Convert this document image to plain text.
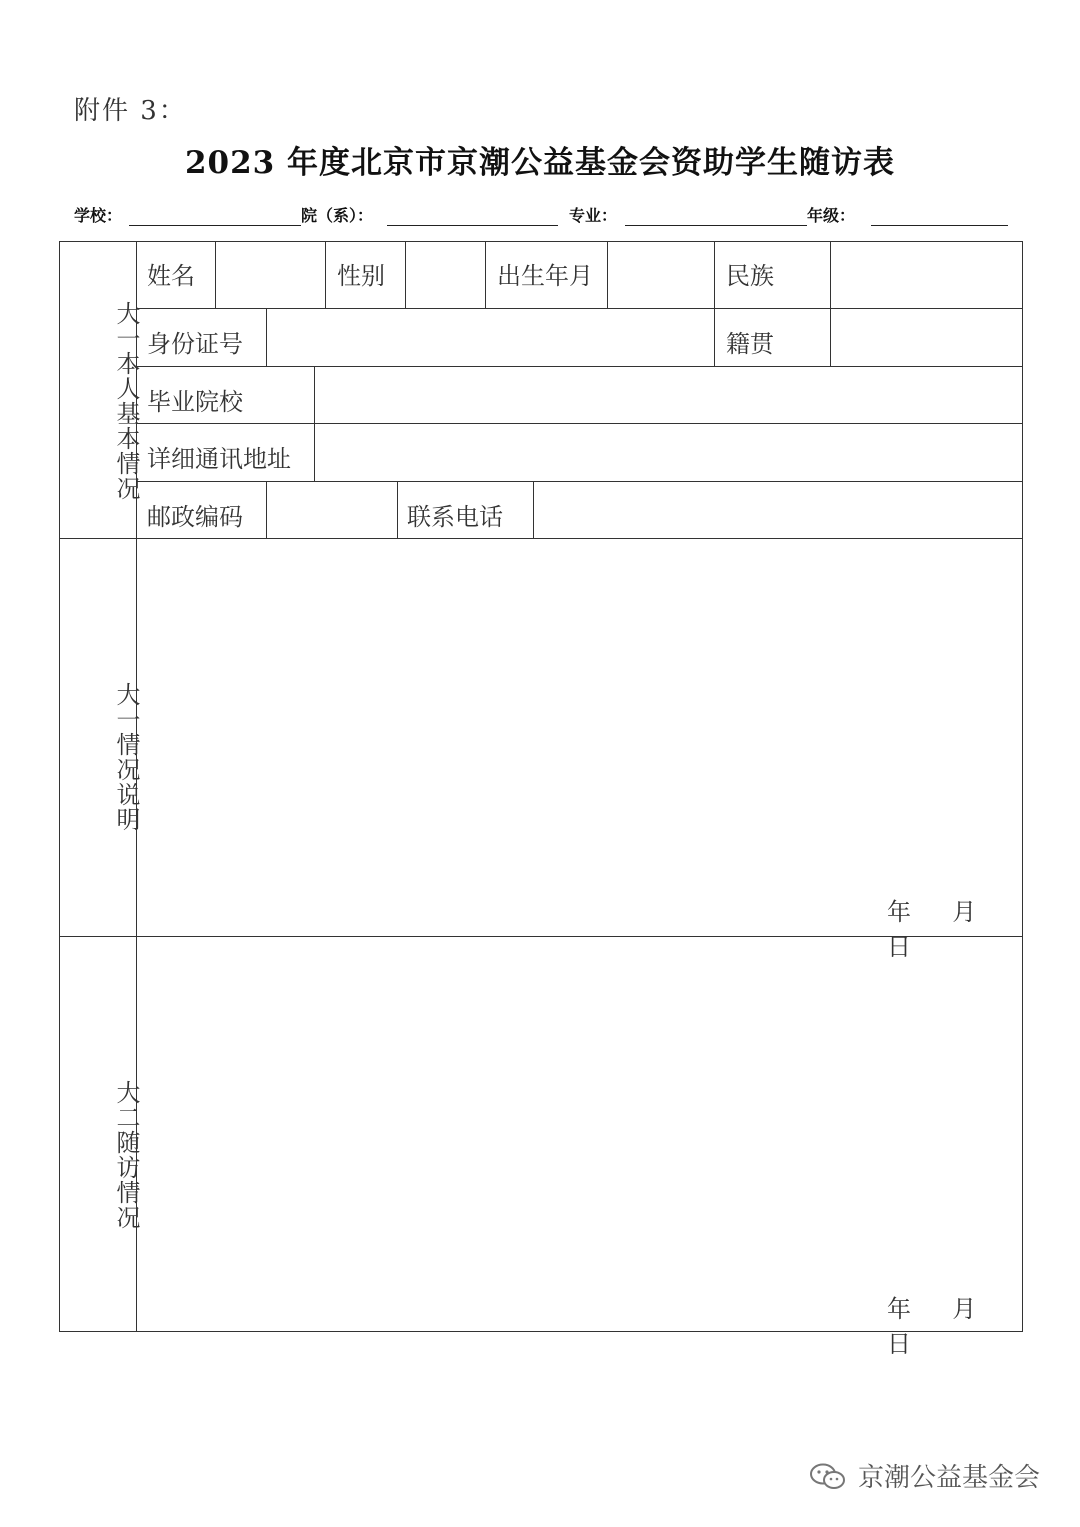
附件 3：
2023 年度北京市京潮公益基金会资助学生随访表
学校：	院（系）：	专业：	年级：
大一本人基本情况
大一情况说明
大二随访情况
姓名	性别	出生年月	民族
身份证号	籍贯
毕业院校
详细通讯地址
邮政编码	联系电话
年 月  日
年 月  日
京潮公益基金会
